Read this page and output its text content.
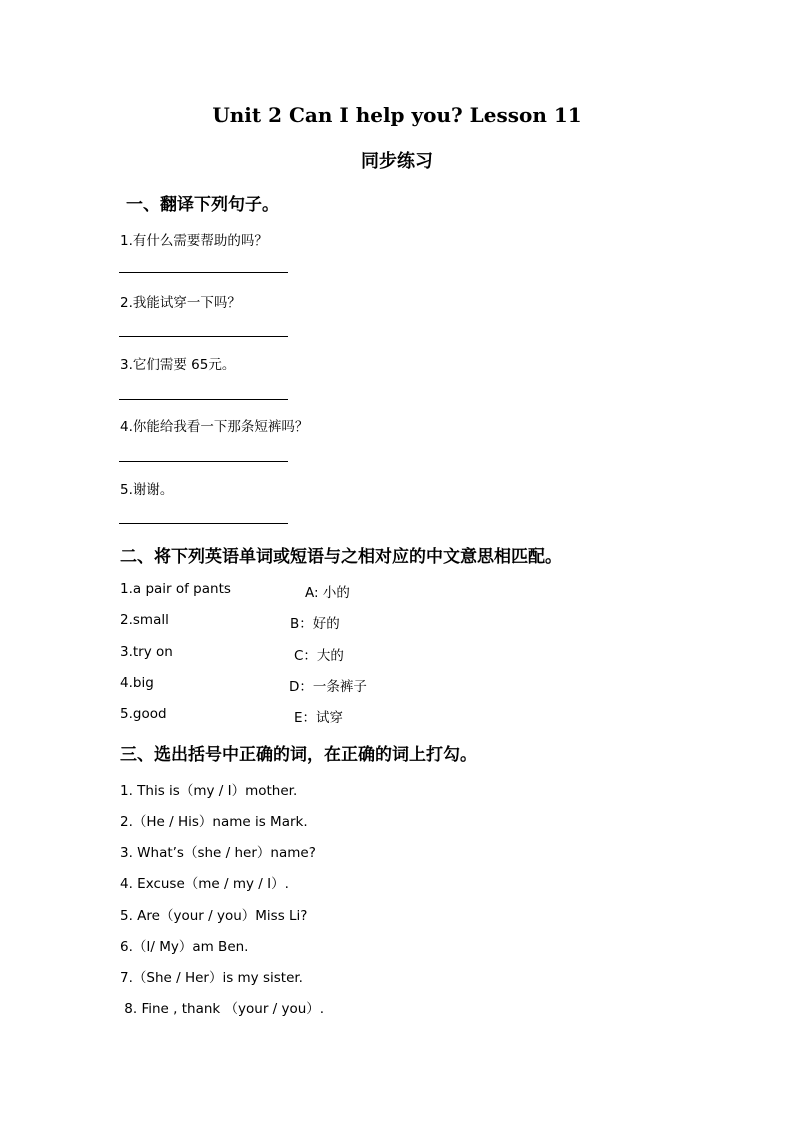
Unit 2 Can I help you? Lesson 11
同步练习
一、翻译下列句子。
1.有什么需要帮助的吗？
2.我能试穿一下吗？
3.它们需要 65元。
4.你能给我看一下那条短裤吗？
5.谢谢。
二、将下列英语单词或短语与之相对应的中文意思相匹配。
1.a pair of pants	A: 小的
2.small	B：好的
3.try on	C：大的
4.big	D：一条裤子
5.good	E：试穿
三、选出括号中正确的词，在正确的词上打勾。
1. This is（my / I）mother.
2.（He / His）name is Mark.
3. What’s（she / her）name?
4. Excuse（me / my / I）.
5. Are（your / you）Miss Li?
6.（I/ My）am Ben.
7.（She / Her）is my sister.
8. Fine , thank （your / you）.
